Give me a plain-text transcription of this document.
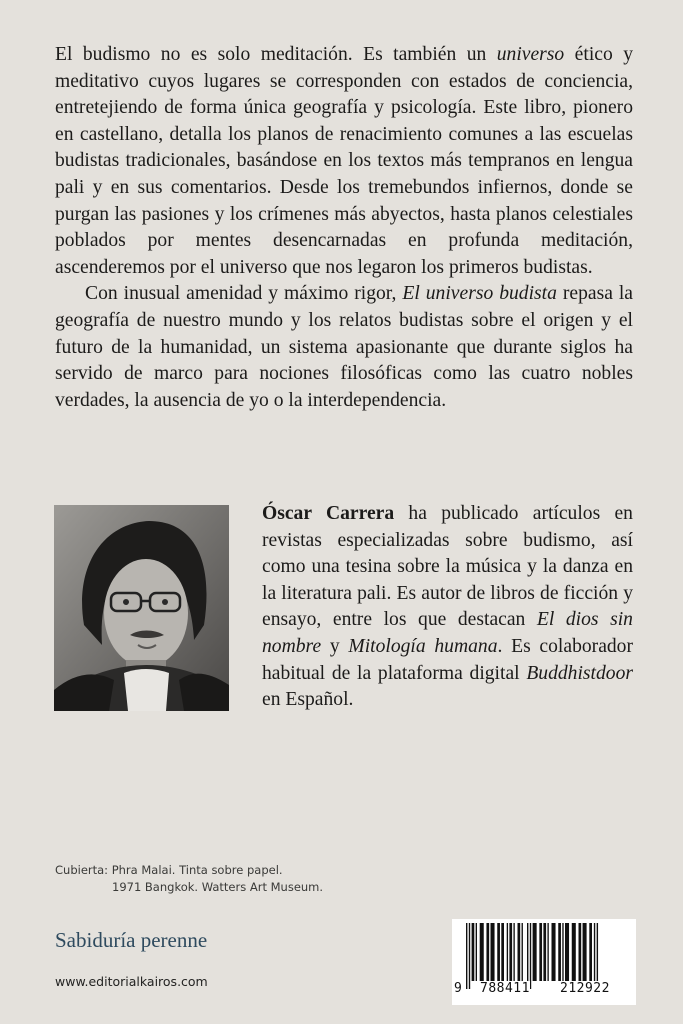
El budismo no es solo meditación. Es también un universo ético y meditativo cuyos lugares se corresponden con estados de conciencia, entretejiendo de forma única geografía y psicología. Este libro, pionero en castellano, detalla los planos de renacimiento comunes a las escuelas budistas tradicionales, basándose en los textos más tempranos en lengua pali y en sus comentarios. Desde los tremebundos infiernos, donde se purgan las pasiones y los crímenes más abyectos, hasta planos celestiales poblados por mentes desencarnadas en profunda meditación, ascenderemos por el universo que nos legaron los primeros budistas.

Con inusual amenidad y máximo rigor, El universo budista repasa la geografía de nuestro mundo y los relatos budistas sobre el origen y el futuro de la humanidad, un sistema apasionante que durante siglos ha servido de marco para nociones filosóficas como las cuatro nobles verdades, la ausencia de yo o la interdependencia.

Óscar Carrera ha publicado artículos en revistas especializadas sobre budismo, así como una tesina sobre la música y la danza en la literatura pali. Es autor de libros de ficción y ensayo, entre los que destacan El dios sin nombre y Mitología humana. Es colaborador habitual de la plataforma digital Buddhistdoor en Español.

Cubierta: Phra Malai. Tinta sobre papel.
1971 Bangkok. Watters Art Museum.
Sabiduría perenne
www.editorialkairos.com	9 788411 212922
